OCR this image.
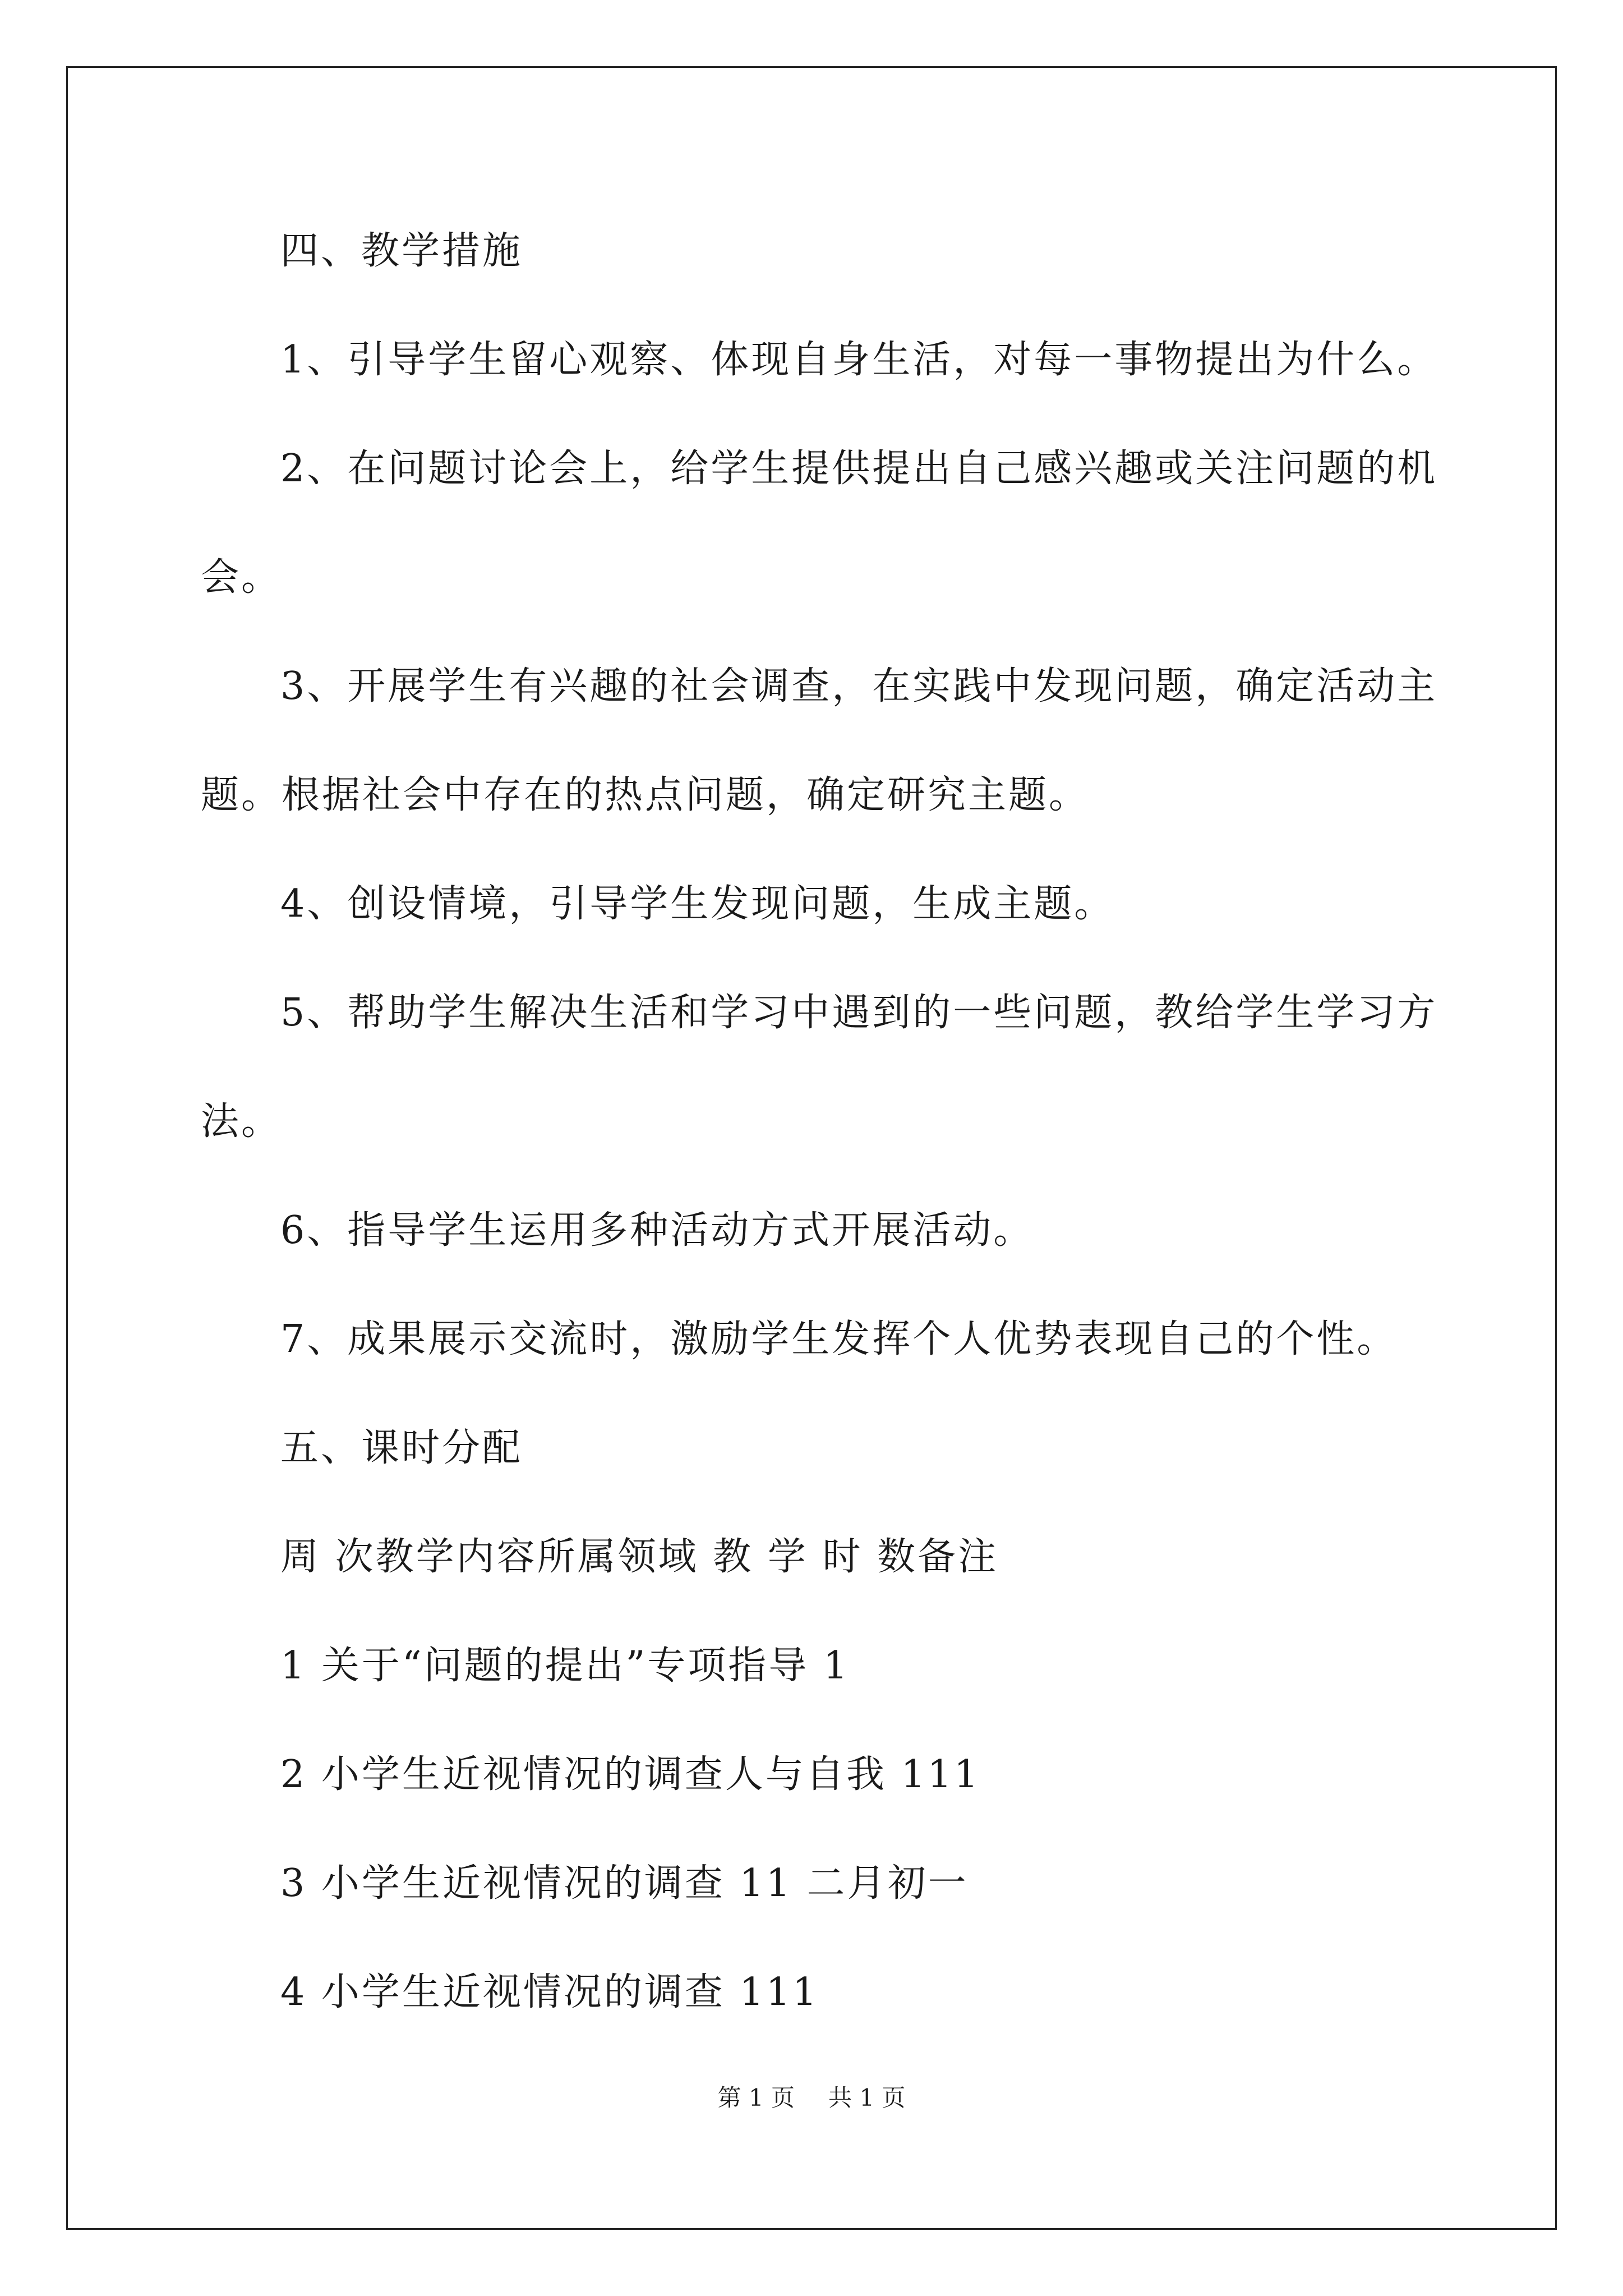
四、教学措施
1、引导学生留心观察、体现自身生活，对每一事物提出为什么。
2、在问题讨论会上，给学生提供提出自己感兴趣或关注问题的机
会。
3、开展学生有兴趣的社会调查，在实践中发现问题，确定活动主
题。根据社会中存在的热点问题，确定研究主题。
4、创设情境，引导学生发现问题，生成主题。
5、帮助学生解决生活和学习中遇到的一些问题，教给学生学习方
法。
6、指导学生运用多种活动方式开展活动。
7、成果展示交流时，激励学生发挥个人优势表现自己的个性。
五、课时分配
周 次教学内容所属领域 教 学 时 数备注
1 关于“问题的提出”专项指导 1
2 小学生近视情况的调查人与自我 111
3 小学生近视情况的调查 11 二月初一
4 小学生近视情况的调查 111
第 1 页 共 1 页
